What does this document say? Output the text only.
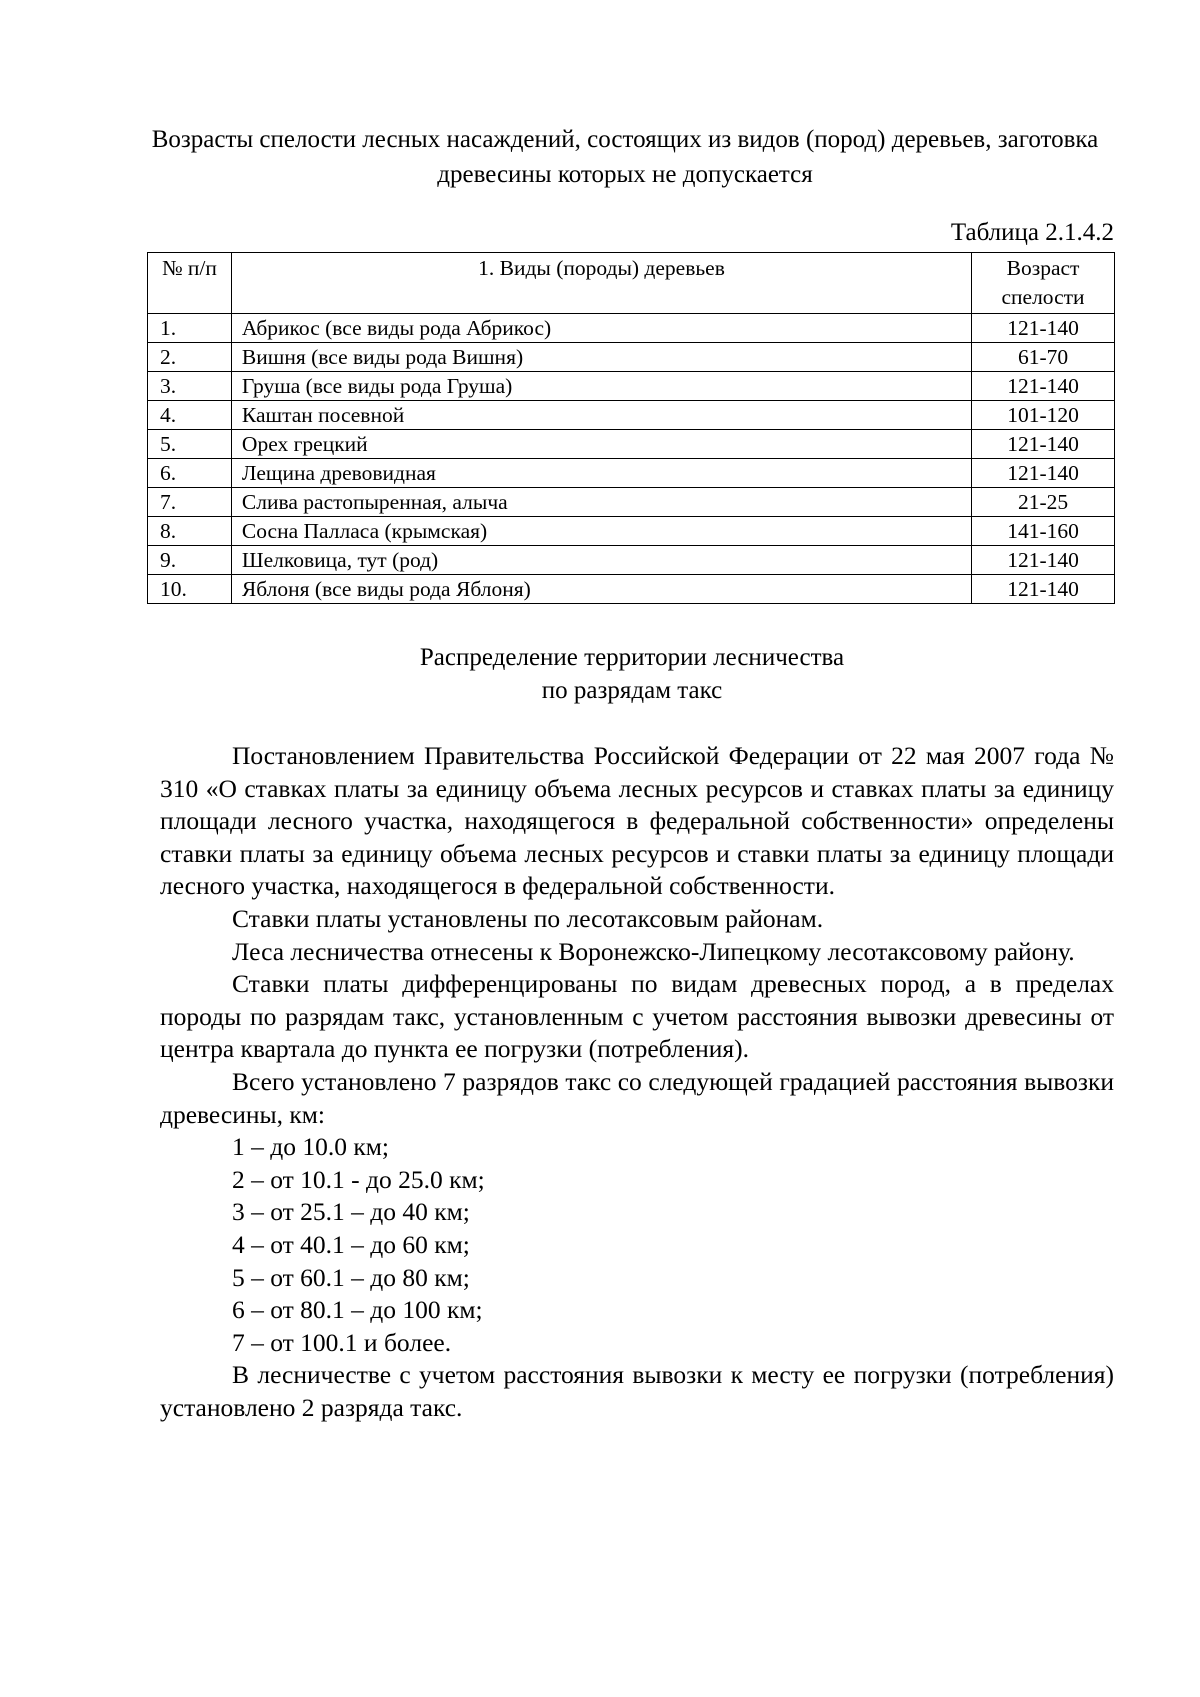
Возрасты спелости лесных насаждений, состоящих из видов (пород) деревьев, заготовка древесины которых не допускается
Таблица 2.1.4.2
№ п/п	1. Виды (породы) деревьев	Возраст спелости
1.	Абрикос (все виды рода Абрикос)	121-140
2.	Вишня (все виды рода Вишня)	61-70
3.	Груша (все виды рода Груша)	121-140
4.	Каштан посевной	101-120
5.	Орех грецкий	121-140
6.	Лещина древовидная	121-140
7.	Слива растопыренная, алыча	21-25
8.	Сосна Палласа (крымская)	141-160
9.	Шелковица, тут (род)	121-140
10.	Яблоня (все виды рода Яблоня)	121-140
Распределение территории лесничества
по разрядам такс

Постановлением Правительства Российской Федерации от 22 мая 2007 года № 310 «О ставках платы за единицу объема лесных ресурсов и ставках платы за единицу площади лесного участка, находящегося в федеральной собственности» определены ставки платы за единицу объема лесных ресурсов и ставки платы за единицу площади лесного участка, находящегося в федеральной собственности.

Ставки платы установлены по лесотаксовым районам.

Леса лесничества отнесены к Воронежско-Липецкому лесотаксовому району.

Ставки платы дифференцированы по видам древесных пород, а в пределах породы по разрядам такс, установленным с учетом расстояния вывозки древесины от центра квартала до пункта ее погрузки (потребления).

Всего установлено 7 разрядов такс со следующей градацией расстояния вывозки древесины, км:

1 – до 10.0 км;
2 – от 10.1 - до 25.0 км;
3 – от 25.1 – до 40 км;
4 – от 40.1 – до 60 км;
5 – от 60.1 – до 80 км;
6 – от 80.1 – до 100 км;
7 – от 100.1 и более.

В лесничестве с учетом расстояния вывозки к месту ее погрузки (потребления) установлено 2 разряда такс.
